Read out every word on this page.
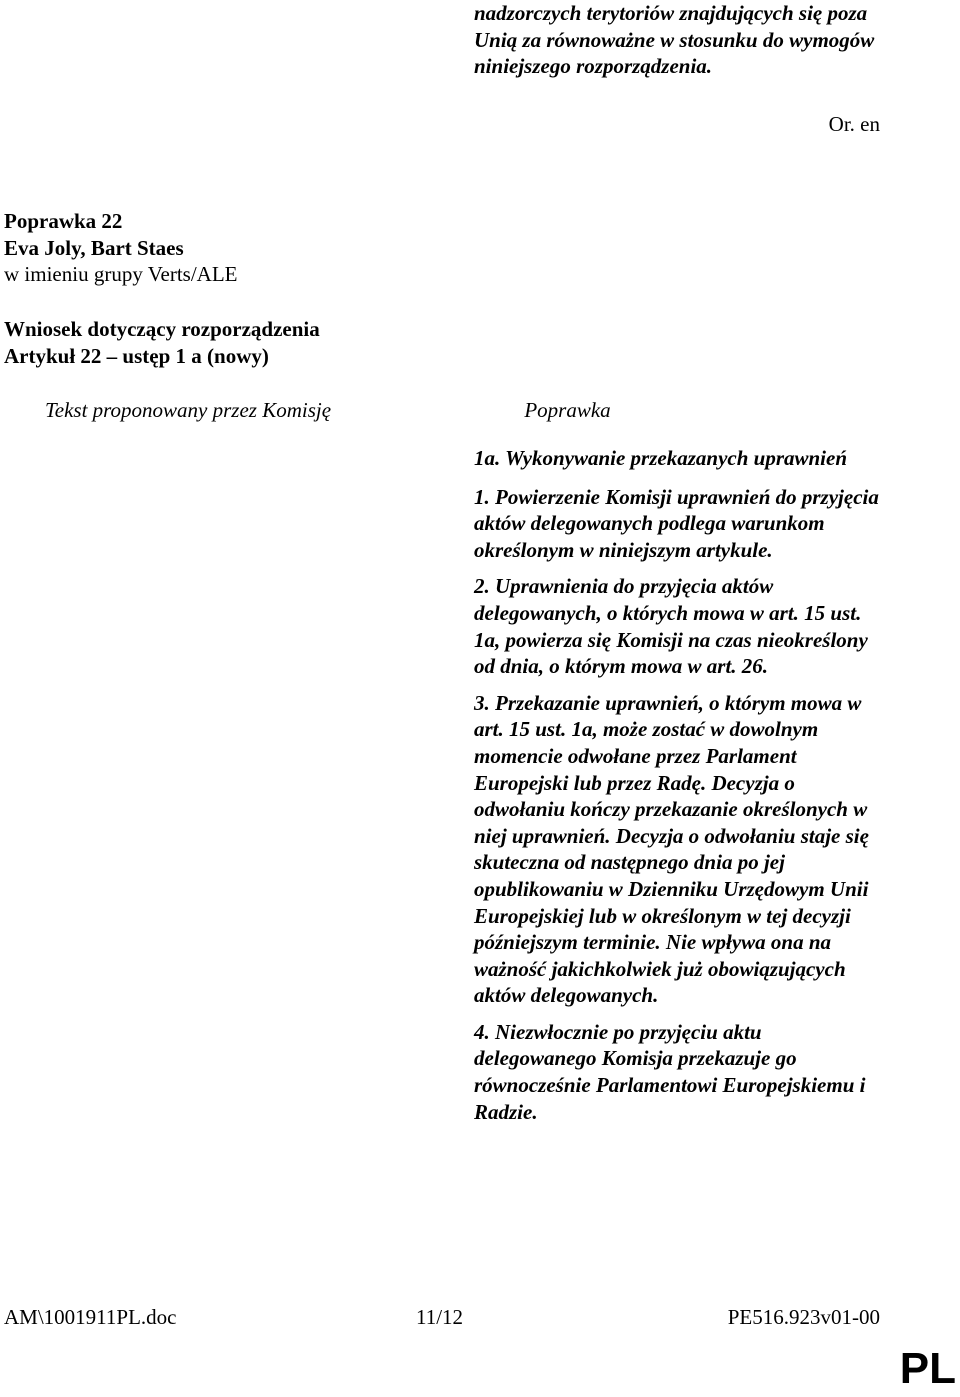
nadzorczych terytoriów znajdujących się poza Unią za równoważne w stosunku do wymogów niniejszego rozporządzenia.
Or. en
Poprawka 22
Eva Joly, Bart Staes
w imieniu grupy Verts/ALE
Wniosek dotyczący rozporządzenia
Artykuł 22 – ustęp 1 a (nowy)
Tekst proponowany przez Komisję	Poprawka
1a. Wykonywanie przekazanych uprawnień
1. Powierzenie Komisji uprawnień do przyjęcia aktów delegowanych podlega warunkom określonym w niniejszym artykule.
2. Uprawnienia do przyjęcia aktów delegowanych, o których mowa w art. 15 ust. 1a, powierza się Komisji na czas nieokreślony od dnia, o którym mowa w art. 26.
3. Przekazanie uprawnień, o którym mowa w art. 15 ust. 1a, może zostać w dowolnym momencie odwołane przez Parlament Europejski lub przez Radę. Decyzja o odwołaniu kończy przekazanie określonych w niej uprawnień. Decyzja o odwołaniu staje się skuteczna od następnego dnia po jej opublikowaniu w Dzienniku Urzędowym Unii Europejskiej lub w określonym w tej decyzji późniejszym terminie. Nie wpływa ona na ważność jakichkolwiek już obowiązujących aktów delegowanych.
4. Niezwłocznie po przyjęciu aktu delegowanego Komisja przekazuje go równocześnie Parlamentowi Europejskiemu i Radzie.
AM\1001911PL.doc	11/12	PE516.923v01-00
PL
